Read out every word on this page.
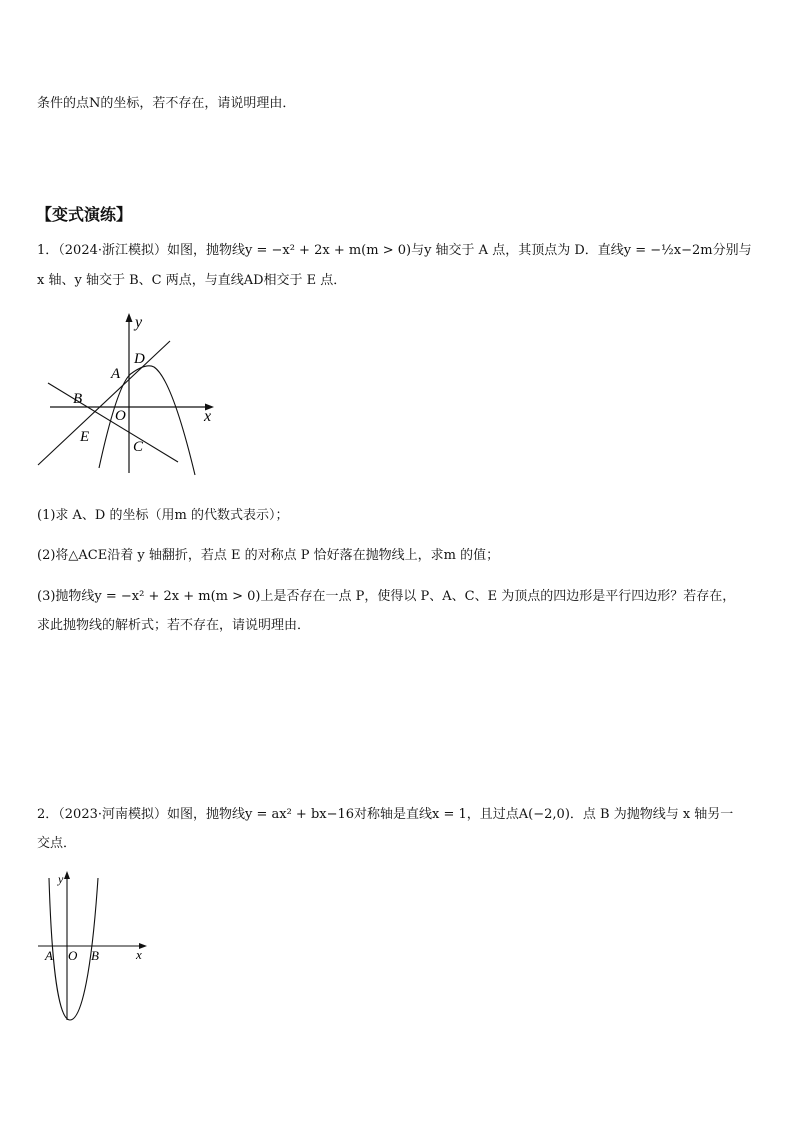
条件的点N的坐标，若不存在，请说明理由．
【变式演练】
1．（2024·浙江模拟）如图，抛物线y = −x² + 2x + m(m > 0)与y 轴交于 A 点，其顶点为 D．直线y = −½x−2m分别与
x 轴、y 轴交于 B、C 两点，与直线AD相交于 E 点．
y
x
D
A
B
O
E
C
(1)求 A、D 的坐标（用m 的代数式表示）；
(2)将△ACE沿着 y 轴翻折，若点 E 的对称点 P 恰好落在抛物线上，求m 的值；
(3)抛物线y = −x² + 2x + m(m > 0)上是否存在一点 P，使得以 P、A、C、E 为顶点的四边形是平行四边形？若存在，
求此抛物线的解析式；若不存在，请说明理由．
2．（2023·河南模拟）如图，抛物线y = ax² + bx−16对称轴是直线x = 1，且过点A(−2,0)．点 B 为抛物线与 x 轴另一
交点．
y
x
A O B
